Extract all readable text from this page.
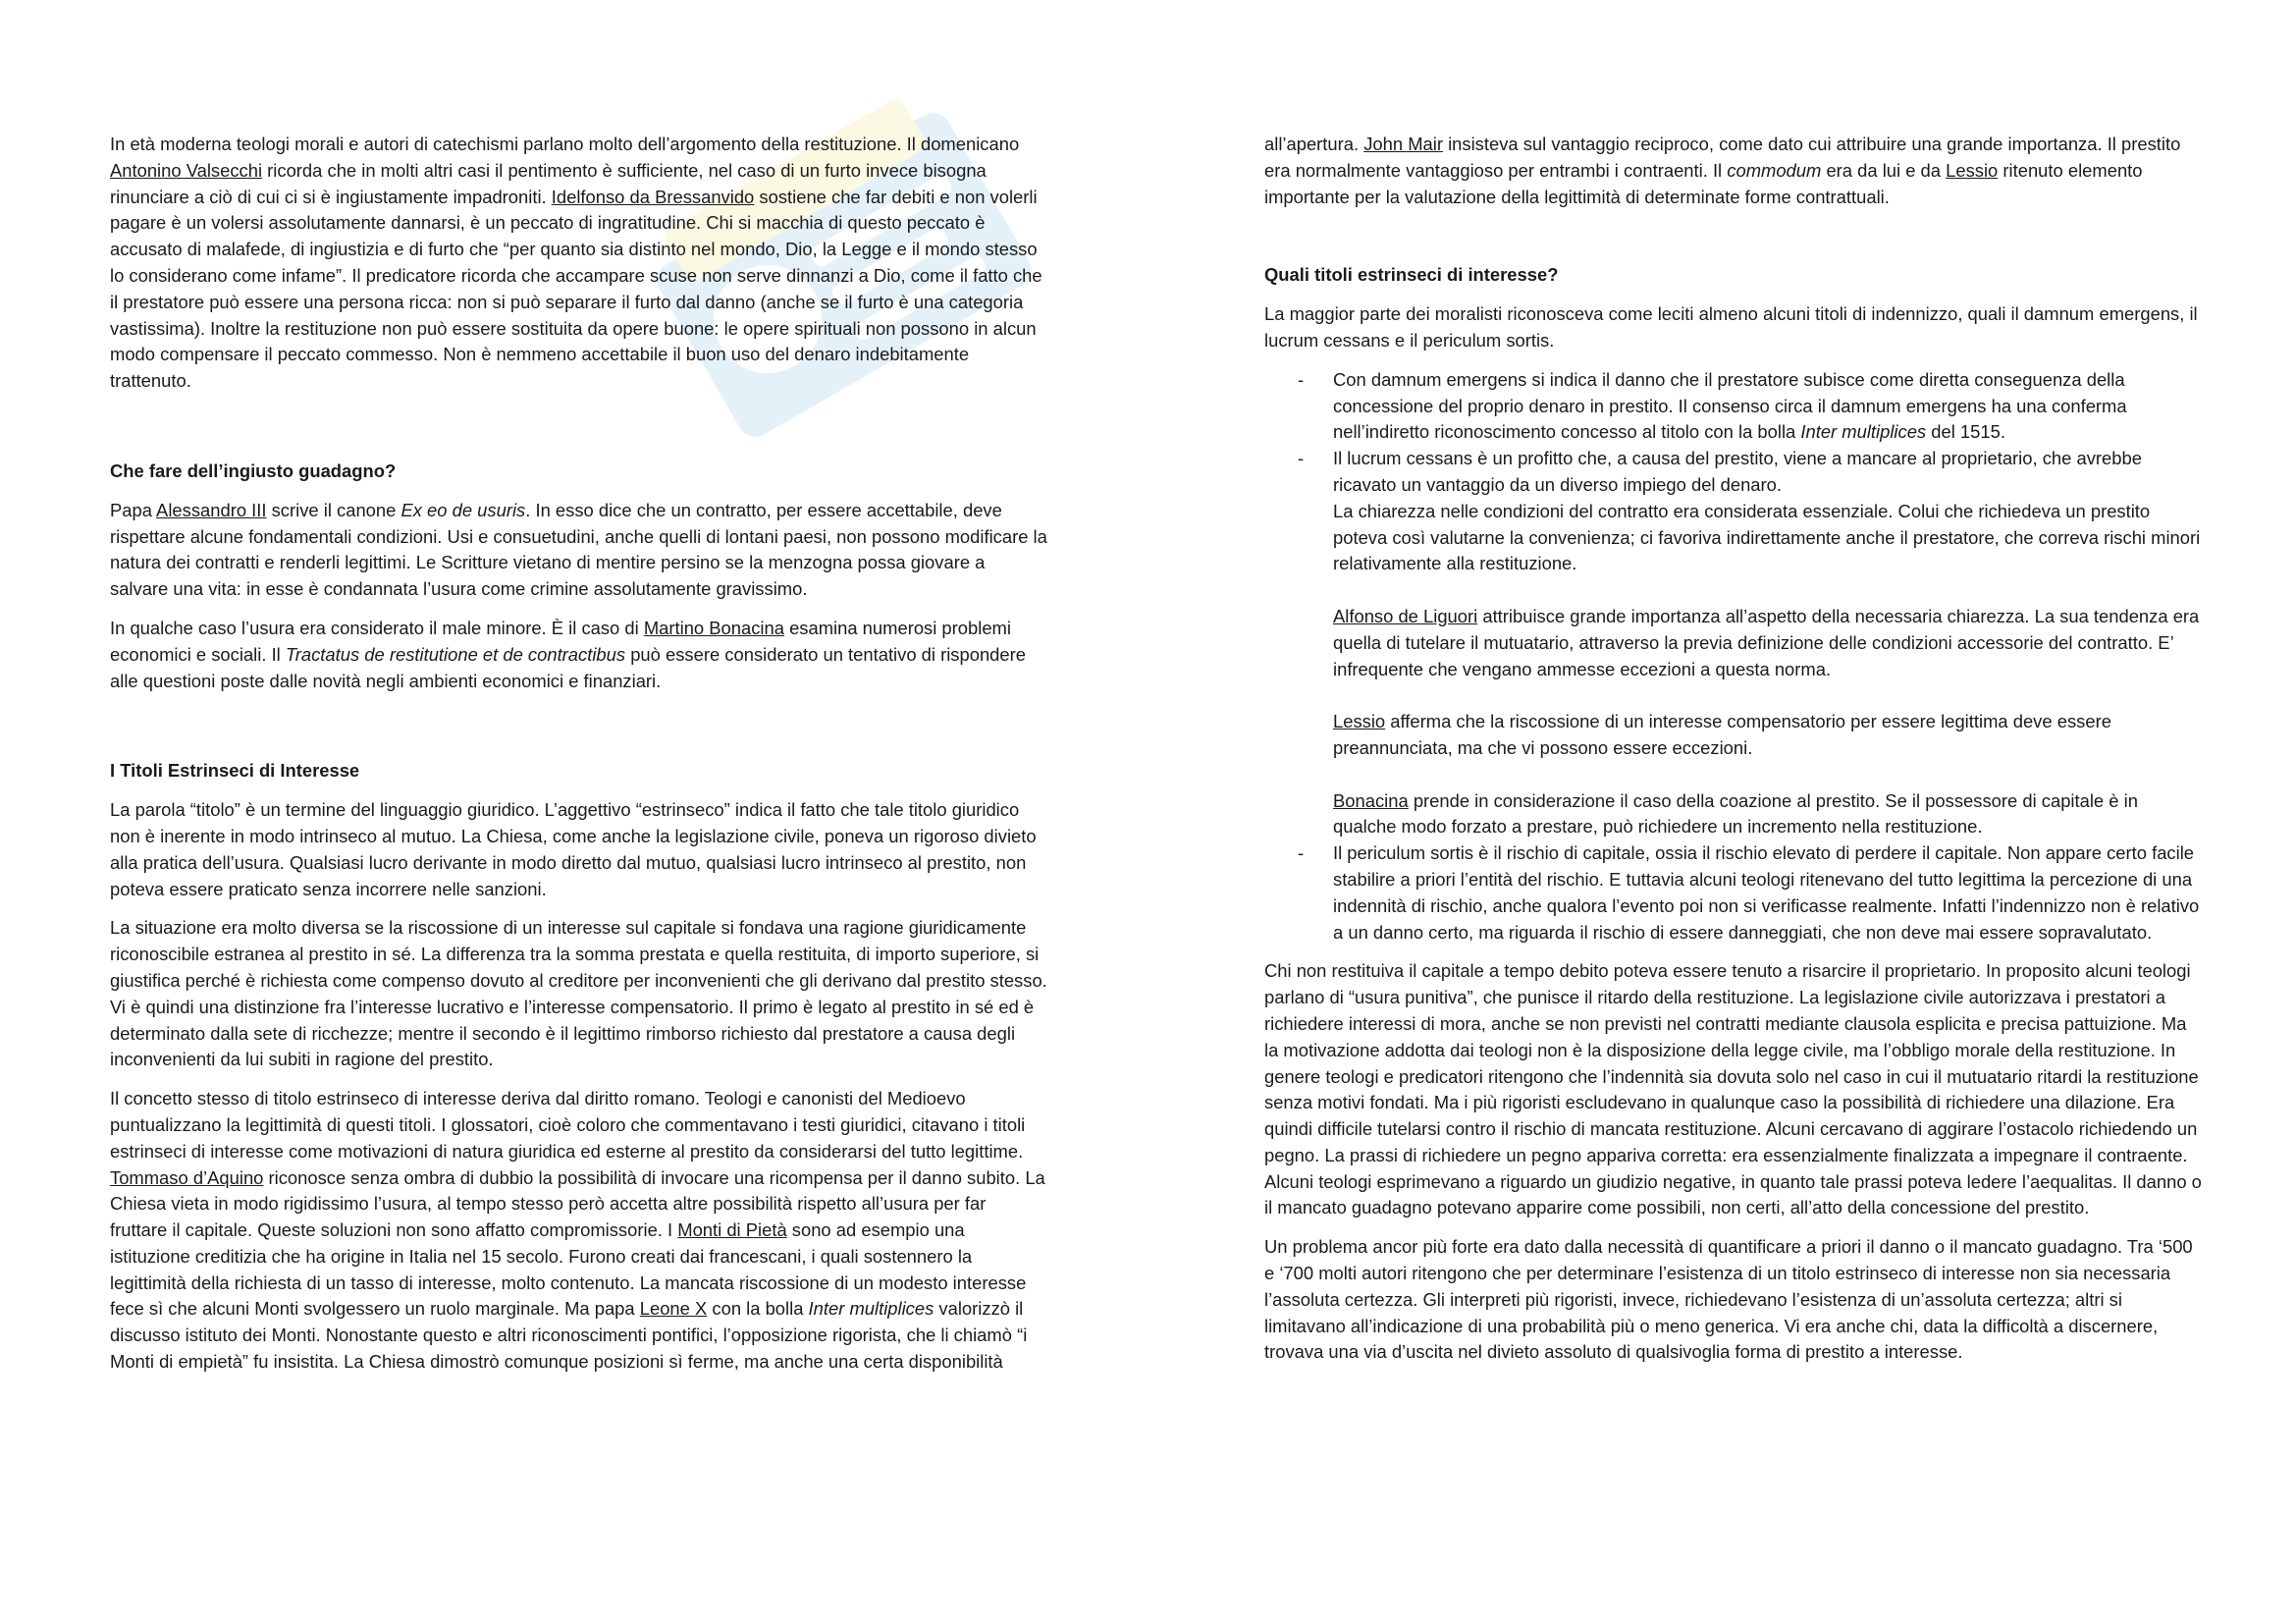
In età moderna teologi morali e autori di catechismi parlano molto dell’argomento della restituzione. Il domenicano Antonino Valsecchi ricorda che in molti altri casi il pentimento è sufficiente, nel caso di un furto invece bisogna rinunciare a ciò di cui ci si è ingiustamente impadroniti. Idelfonso da Bressanvido sostiene che far debiti e non volerli pagare è un volersi assolutamente dannarsi, è un peccato di ingratitudine. Chi si macchia di questo peccato è accusato di malafede, di ingiustizia e di furto che “per quanto sia distinto nel mondo, Dio, la Legge e il mondo stesso lo considerano come infame”. Il predicatore ricorda che accampare scuse non serve dinnanzi a Dio, come il fatto che il prestatore può essere una persona ricca: non si può separare il furto dal danno (anche se il furto è una categoria vastissima). Inoltre la restituzione non può essere sostituita da opere buone: le opere spirituali non possono in alcun modo compensare il peccato commesso. Non è nemmeno accettabile il buon uso del denaro indebitamente trattenuto.

Che fare dell’ingiusto guadagno?

Papa Alessandro III scrive il canone Ex eo de usuris. In esso dice che un contratto, per essere accettabile, deve rispettare alcune fondamentali condizioni. Usi e consuetudini, anche quelli di lontani paesi, non possono modificare la natura dei contratti e renderli legittimi. Le Scritture vietano di mentire persino se la menzogna possa giovare a salvare una vita: in esse è condannata l’usura come crimine assolutamente gravissimo.

In qualche caso l’usura era considerato il male minore. È il caso di Martino Bonacina esamina numerosi problemi economici e sociali. Il Tractatus de restitutione et de contractibus può essere considerato un tentativo di rispondere alle questioni poste dalle novità negli ambienti economici e finanziari.

I Titoli Estrinseci di Interesse

La parola “titolo” è un termine del linguaggio giuridico. L’aggettivo “estrinseco” indica il fatto che tale titolo giuridico non è inerente in modo intrinseco al mutuo. La Chiesa, come anche la legislazione civile, poneva un rigoroso divieto alla pratica dell’usura. Qualsiasi lucro derivante in modo diretto dal mutuo, qualsiasi lucro intrinseco al prestito, non poteva essere praticato senza incorrere nelle sanzioni.

La situazione era molto diversa se la riscossione di un interesse sul capitale si fondava una ragione giuridicamente riconoscibile estranea al prestito in sé. La differenza tra la somma prestata e quella restituita, di importo superiore, si giustifica perché è richiesta come compenso dovuto al creditore per inconvenienti che gli derivano dal prestito stesso. Vi è quindi una distinzione fra l’interesse lucrativo e l’interesse compensatorio. Il primo è legato al prestito in sé ed è determinato dalla sete di ricchezze; mentre il secondo è il legittimo rimborso richiesto dal prestatore a causa degli inconvenienti da lui subiti in ragione del prestito.

Il concetto stesso di titolo estrinseco di interesse deriva dal diritto romano. Teologi e canonisti del Medioevo puntualizzano la legittimità di questi titoli. I glossatori, cioè coloro che commentavano i testi giuridici, citavano i titoli estrinseci di interesse come motivazioni di natura giuridica ed esterne al prestito da considerarsi del tutto legittime. Tommaso d’Aquino riconosce senza ombra di dubbio la possibilità di invocare una ricompensa per il danno subito. La Chiesa vieta in modo rigidissimo l’usura, al tempo stesso però accetta altre possibilità rispetto all’usura per far fruttare il capitale. Queste soluzioni non sono affatto compromissorie. I Monti di Pietà sono ad esempio una istituzione creditizia che ha origine in Italia nel 15 secolo. Furono creati dai francescani, i quali sostennero la legittimità della richiesta di un tasso di interesse, molto contenuto. La mancata riscossione di un modesto interesse fece sì che alcuni Monti svolgessero un ruolo marginale. Ma papa Leone X con la bolla Inter multiplices valorizzò il discusso istituto dei Monti. Nonostante questo e altri riconoscimenti pontifici, l’opposizione rigorista, che li chiamò “i Monti di empietà” fu insistita. La Chiesa dimostrò comunque posizioni sì ferme, ma anche una certa disponibilità

all’apertura. John Mair insisteva sul vantaggio reciproco, come dato cui attribuire una grande importanza. Il prestito era normalmente vantaggioso per entrambi i contraenti. Il commodum era da lui e da Lessio ritenuto elemento importante per la valutazione della legittimità di determinate forme contrattuali.

Quali titoli estrinseci di interesse?

La maggior parte dei moralisti riconosceva come leciti almeno alcuni titoli di indennizzo, quali il damnum emergens, il lucrum cessans e il periculum sortis.

- Con damnum emergens si indica il danno che il prestatore subisce come diretta conseguenza della concessione del proprio denaro in prestito. Il consenso circa il damnum emergens ha una conferma nell’indiretto riconoscimento concesso al titolo con la bolla Inter multiplices del 1515.
- Il lucrum cessans è un profitto che, a causa del prestito, viene a mancare al proprietario, che avrebbe ricavato un vantaggio da un diverso impiego del denaro.
La chiarezza nelle condizioni del contratto era considerata essenziale. Colui che richiedeva un prestito poteva così valutarne la convenienza; ci favoriva indirettamente anche il prestatore, che correva rischi minori relativamente alla restituzione.
Alfonso de Liguori attribuisce grande importanza all’aspetto della necessaria chiarezza. La sua tendenza era quella di tutelare il mutuatario, attraverso la previa definizione delle condizioni accessorie del contratto. E’ infrequente che vengano ammesse eccezioni a questa norma.
Lessio afferma che la riscossione di un interesse compensatorio per essere legittima deve essere preannunciata, ma che vi possono essere eccezioni.
Bonacina prende in considerazione il caso della coazione al prestito. Se il possessore di capitale è in qualche modo forzato a prestare, può richiedere un incremento nella restituzione.
- Il periculum sortis è il rischio di capitale, ossia il rischio elevato di perdere il capitale. Non appare certo facile stabilire a priori l’entità del rischio. E tuttavia alcuni teologi ritenevano del tutto legittima la percezione di una indennità di rischio, anche qualora l’evento poi non si verificasse realmente. Infatti l’indennizzo non è relativo a un danno certo, ma riguarda il rischio di essere danneggiati, che non deve mai essere sopravalutato.

Chi non restituiva il capitale a tempo debito poteva essere tenuto a risarcire il proprietario. In proposito alcuni teologi parlano di “usura punitiva”, che punisce il ritardo della restituzione. La legislazione civile autorizzava i prestatori a richiedere interessi di mora, anche se non previsti nel contratti mediante clausola esplicita e precisa pattuizione. Ma la motivazione addotta dai teologi non è la disposizione della legge civile, ma l’obbligo morale della restituzione. In genere teologi e predicatori ritengono che l’indennità sia dovuta solo nel caso in cui il mutuatario ritardi la restituzione senza motivi fondati. Ma i più rigoristi escludevano in qualunque caso la possibilità di richiedere una dilazione. Era quindi difficile tutelarsi contro il rischio di mancata restituzione. Alcuni cercavano di aggirare l’ostacolo richiedendo un pegno. La prassi di richiedere un pegno appariva corretta: era essenzialmente finalizzata a impegnare il contraente. Alcuni teologi esprimevano a riguardo un giudizio negative, in quanto tale prassi poteva ledere l’aequalitas. Il danno o il mancato guadagno potevano apparire come possibili, non certi, all’atto della concessione del prestito.

Un problema ancor più forte era dato dalla necessità di quantificare a priori il danno o il mancato guadagno. Tra ‘500 e ‘700 molti autori ritengono che per determinare l’esistenza di un titolo estrinseco di interesse non sia necessaria l’assoluta certezza. Gli interpreti più rigoristi, invece, richiedevano l’esistenza di un’assoluta certezza; altri si limitavano all’indicazione di una probabilità più o meno generica. Vi era anche chi, data la difficoltà a discernere, trovava una via d’uscita nel divieto assoluto di qualsivoglia forma di prestito a interesse.
